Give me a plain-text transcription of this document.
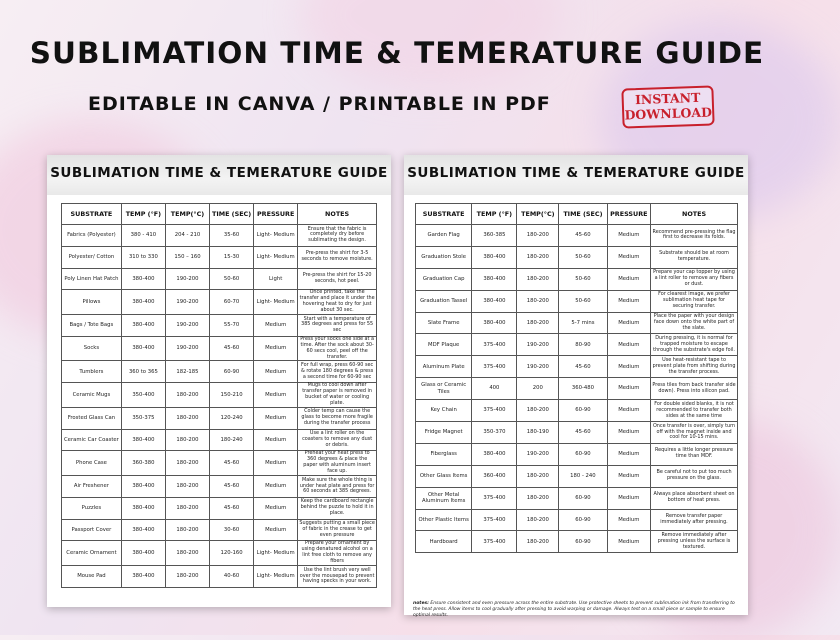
SUBLIMATION TIME & TEMERATURE GUIDE
EDITABLE IN CANVA / PRINTABLE IN PDF	INSTANT
DOWNLOAD
SUBLIMATION TIME & TEMERATURE GUIDE
SUBSTRATE	TEMP (°F)	TEMP(°C)	TIME (SEC)	PRESSURE	NOTES
Fabrics (Polyester)	380 - 410	204 - 210	35-60	Light- Medium	Ensure that the fabric is completely dry before sublimating the design.
Polyester/ Cotton	310 to 330	150 – 160	15-30	Light- Medium	Pre-press the shirt for 3-5 seconds to remove moisture.
Poly Linen Hat Patch	380-400	190-200	50-60	Light	Pre-press the shirt for 15-20 seconds, hot peel.
Pillows	380-400	190-200	60-70	Light- Medium	Once printed, take the transfer and place it under the hovering heat to dry for just about 30 sec.
Bags / Tote Bags	380-400	190-200	55-70	Medium	Start with a temperature of 385 degrees and press for 55 sec
Socks	380-400	190-200	45-60	Medium	Press your socks one side at a time. After the sock about 30-60 secs cool, peel off the transfer.
Tumblers	360 to 365	182-185	60-90	Medium	For full wrap, press 60-90 sec & rotate 180 degrees & press a second time for 60-90 sec
Ceramic Mugs	350-400	180-200	150-210	Medium	Mugs to cool down after transfer paper is removed in bucket of water or cooling plate.
Frosted Glass Can	350-375	180-200	120-240	Medium	Colder temp can cause the glass to become more fragile during the transfer process
Ceramic Car Coaster	380-400	180-200	180-240	Medium	Use a lint roller on the coasters to remove any dust or debris.
Phone Case	360-380	180-200	45-60	Medium	Preheat your heat press to 360 degrees & place the paper with aluminum insert face up.
Air Freshener	380-400	180-200	45-60	Medium	Make sure the whole thing is under heat plate and press for 60 seconds at 385 degrees.
Puzzles	380-400	180-200	45-60	Medium	Keep the cardboard rectangle behind the puzzle to hold it in place.
Passport Cover	380-400	180-200	30-60	Medium	Suggests putting a small piece of fabric in the crease to get even pressure
Ceramic Ornament	380-400	180-200	120-160	Light- Medium	Prepare your ornament by using denatured alcohol on a lint free cloth to remove any fibers
Mouse Pad	380-400	180-200	40-60	Light- Medium	Use the lint brush very well over the mousepad to prevent having specks in your work.
SUBLIMATION TIME & TEMERATURE GUIDE
SUBSTRATE	TEMP (°F)	TEMP(°C)	TIME (SEC)	PRESSURE	NOTES
Garden Flag	360-385	180-200	45-60	Medium	Recommend pre-pressing the flag first to decrease its folds.
Graduation Stole	380-400	180-200	50-60	Medium	Substrate should be at room temperature.
Graduation Cap	380-400	180-200	50-60	Medium	Prepare your cap topper by using a lint roller to remove any fibers or dust.
Graduation Tassel	380-400	180-200	50-60	Medium	For clearest image, we prefer sublimation heat tape for securing transfer.
Slate Frame	380-400	180-200	5-7 mins	Medium	Place the paper with your design face down onto the white part of the slate.
MDF Plaque	375-400	190-200	80-90	Medium	During pressing, it is normal for trapped moisture to escape through the substrate's edge foil.
Aluminum Plate	375-400	190-200	45-60	Medium	Use heat-resistant tape to prevent plate from shifting during the transfer process.
Glass or Ceramic Tiles	400	200	360-480	Medium	Press tiles from back transfer side down). Press into silicon pad.
Key Chain	375-400	180-200	60-90	Medium	For double sided blanks, it is not recommended to transfer both sides at the same time
Fridge Magnet	350-370	180-190	45-60	Medium	Once transfer is over, simply turn off with the magnet inside and cool for 10-15 mins.
Fiberglass	380-400	190-200	60-90	Medium	Requires a little longer pressure time than MDF.
Other Glass Items	360-400	180-200	180 - 240	Medium	Be careful not to put too much pressure on the glass.
Other Metal Aluminum Items	375-400	180-200	60-90	Medium	Always place absorbent sheet on bottom of heat press.
Other Plastic Items	375-400	180-200	60-90	Medium	Remove transfer paper immediately after pressing.
Hardboard	375-400	180-200	60-90	Medium	Remove immediately after pressing unless the surface is textured.
notes: Ensure consistent and even pressure across the entire substrate. Use protective sheets to prevent sublimation ink from transferring to the heat press. Allow items to cool gradually after pressing to avoid warping or damage. Always test on a small piece or sample to ensure optimal results.
